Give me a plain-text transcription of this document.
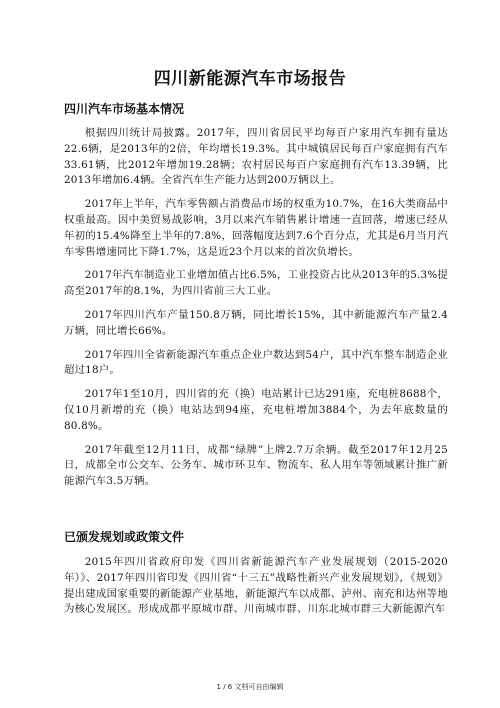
四川新能源汽车市场报告
四川汽车市场基本情况

根据四川统计局披露。2017年，四川省居民平均每百户家用汽车拥有量达22.6辆，是2013年的2倍，年均增长19.3%。其中城镇居民每百户家庭拥有汽车33.61辆，比2012年增加19.28辆；农村居民每百户家庭拥有汽车13.39辆，比2013年增加6.4辆。全省汽车生产能力达到200万辆以上。

2017年上半年，汽车零售额占消费品市场的权重为10.7%，在16大类商品中权重最高。因中美贸易战影响，3月以来汽车销售累计增速一直回落，增速已经从年初的15.4%降至上半年的7.8%，回落幅度达到7.6个百分点，尤其是6月当月汽车零售增速同比下降1.7%，这是近23个月以来的首次负增长。

2017年汽车制造业工业增加值占比6.5%，工业投资占比从2013年的5.3%提高至2017年的8.1%，为四川省前三大工业。

2017年四川汽车产量150.8万辆，同比增长15%，其中新能源汽车产量2.4万辆，同比增长66%。

2017年四川全省新能源汽车重点企业户数达到54户，其中汽车整车制造企业超过18户。

2017年1至10月，四川省的充（换）电站累计已达291座，充电桩8688个，仅10月新增的充（换）电站达到94座，充电桩增加3884个，为去年底数量的80.8%。

2017年截至12月11日，成都“绿牌”上牌2.7万余辆。截至2017年12月25日，成都全市公交车、公务车、城市环卫车、物流车、私人用车等领域累计推广新能源汽车3.5万辆。

已颁发规划或政策文件

2015年四川省政府印发《四川省新能源汽车产业发展规划（2015-2020年）》、2017年四川省印发《四川省“十三五”战略性新兴产业发展规划》，《规划》提出建成国家重要的新能源产业基地，新能源汽车以成都、泸州、南充和达州等地为核心发展区。形成成都平原城市群、川南城市群、川东北城市群三大新能源汽车

1 / 6 文档可自由编辑
